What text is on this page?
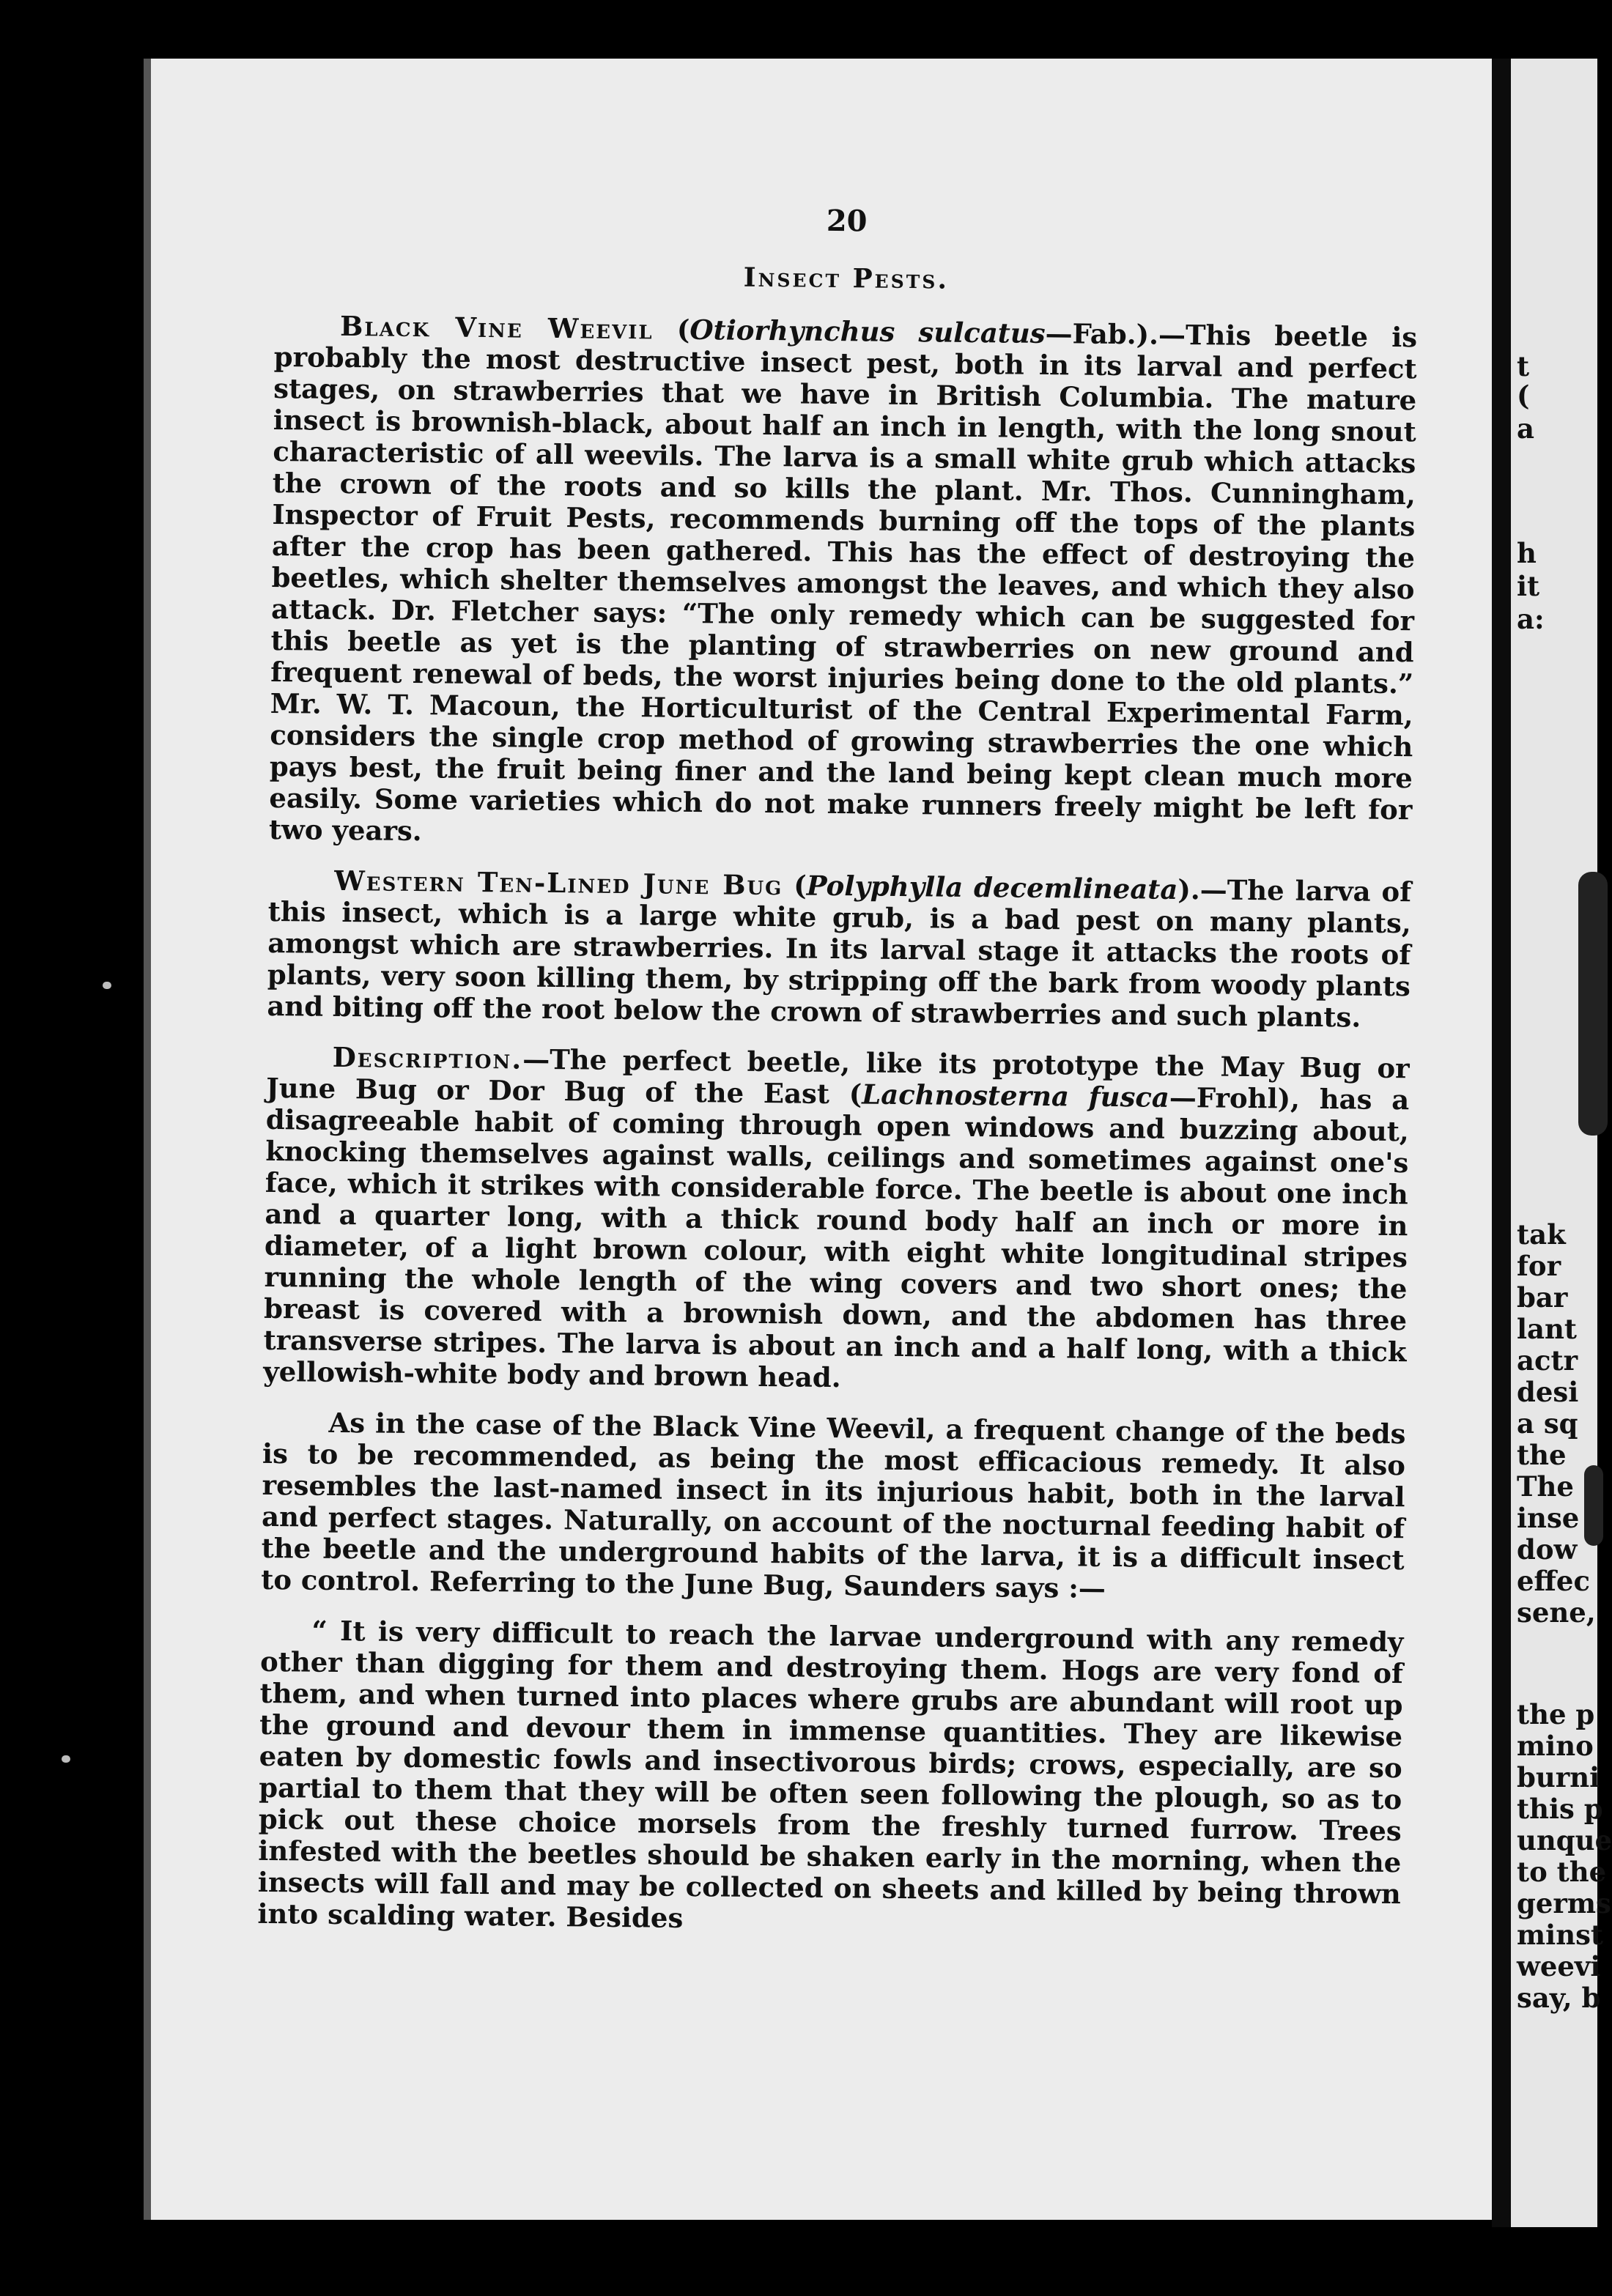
20
Insect Pests.

Black Vine Weevil (Otiorhynchus sulcatus—Fab.).—This beetle is probably the most destructive insect pest, both in its larval and perfect stages, on strawberries that we have in British Columbia. The mature insect is brownish-black, about half an inch in length, with the long snout characteristic of all weevils. The larva is a small white grub which attacks the crown of the roots and so kills the plant. Mr. Thos. Cunningham, Inspector of Fruit Pests, recommends burning off the tops of the plants after the crop has been gathered. This has the effect of destroying the beetles, which shelter themselves amongst the leaves, and which they also attack. Dr. Fletcher says: “The only remedy which can be suggested for this beetle as yet is the planting of strawberries on new ground and frequent renewal of beds, the worst injuries being done to the old plants.” Mr. W. T. Macoun, the Horticulturist of the Central Experimental Farm, considers the single crop method of growing strawberries the one which pays best, the fruit being finer and the land being kept clean much more easily. Some varieties which do not make runners freely might be left for two years.

Western Ten-Lined June Bug (Polyphylla decemlineata).—The larva of this insect, which is a large white grub, is a bad pest on many plants, amongst which are strawberries. In its larval stage it attacks the roots of plants, very soon killing them, by stripping off the bark from woody plants and biting off the root below the crown of strawberries and such plants.

Description.—The perfect beetle, like its prototype the May Bug or June Bug or Dor Bug of the East (Lachnosterna fusca—Frohl), has a disagreeable habit of coming through open windows and buzzing about, knocking themselves against walls, ceilings and sometimes against one's face, which it strikes with considerable force. The beetle is about one inch and a quarter long, with a thick round body half an inch or more in diameter, of a light brown colour, with eight white longitudinal stripes running the whole length of the wing covers and two short ones; the breast is covered with a brownish down, and the abdomen has three transverse stripes. The larva is about an inch and a half long, with a thick yellowish-white body and brown head.

As in the case of the Black Vine Weevil, a frequent change of the beds is to be recommended, as being the most efficacious remedy. It also resembles the last-named insect in its injurious habit, both in the larval and perfect stages. Naturally, on account of the nocturnal feeding habit of the beetle and the underground habits of the larva, it is a difficult insect to control. Referring to the June Bug, Saunders says :—

“ It is very difficult to reach the larvae underground with any remedy other than digging for them and destroying them. Hogs are very fond of them, and when turned into places where grubs are abundant will root up the ground and devour them in immense quantities. They are likewise eaten by domestic fowls and insectivorous birds; crows, especially, are so partial to them that they will be often seen following the plough, so as to pick out these choice morsels from the freshly turned furrow. Trees infested with the beetles should be shaken early in the morning, when the insects will fall and may be collected on sheets and killed by being thrown into scalding water. Besides

t
(
a
h
it
a:
tak
for
bar
lant
actr
desi
a sq
the
The
inse
dow
effec
sene,
the p
mino
burni
this p
unque
to the
germs
minst
weevi
say, b
